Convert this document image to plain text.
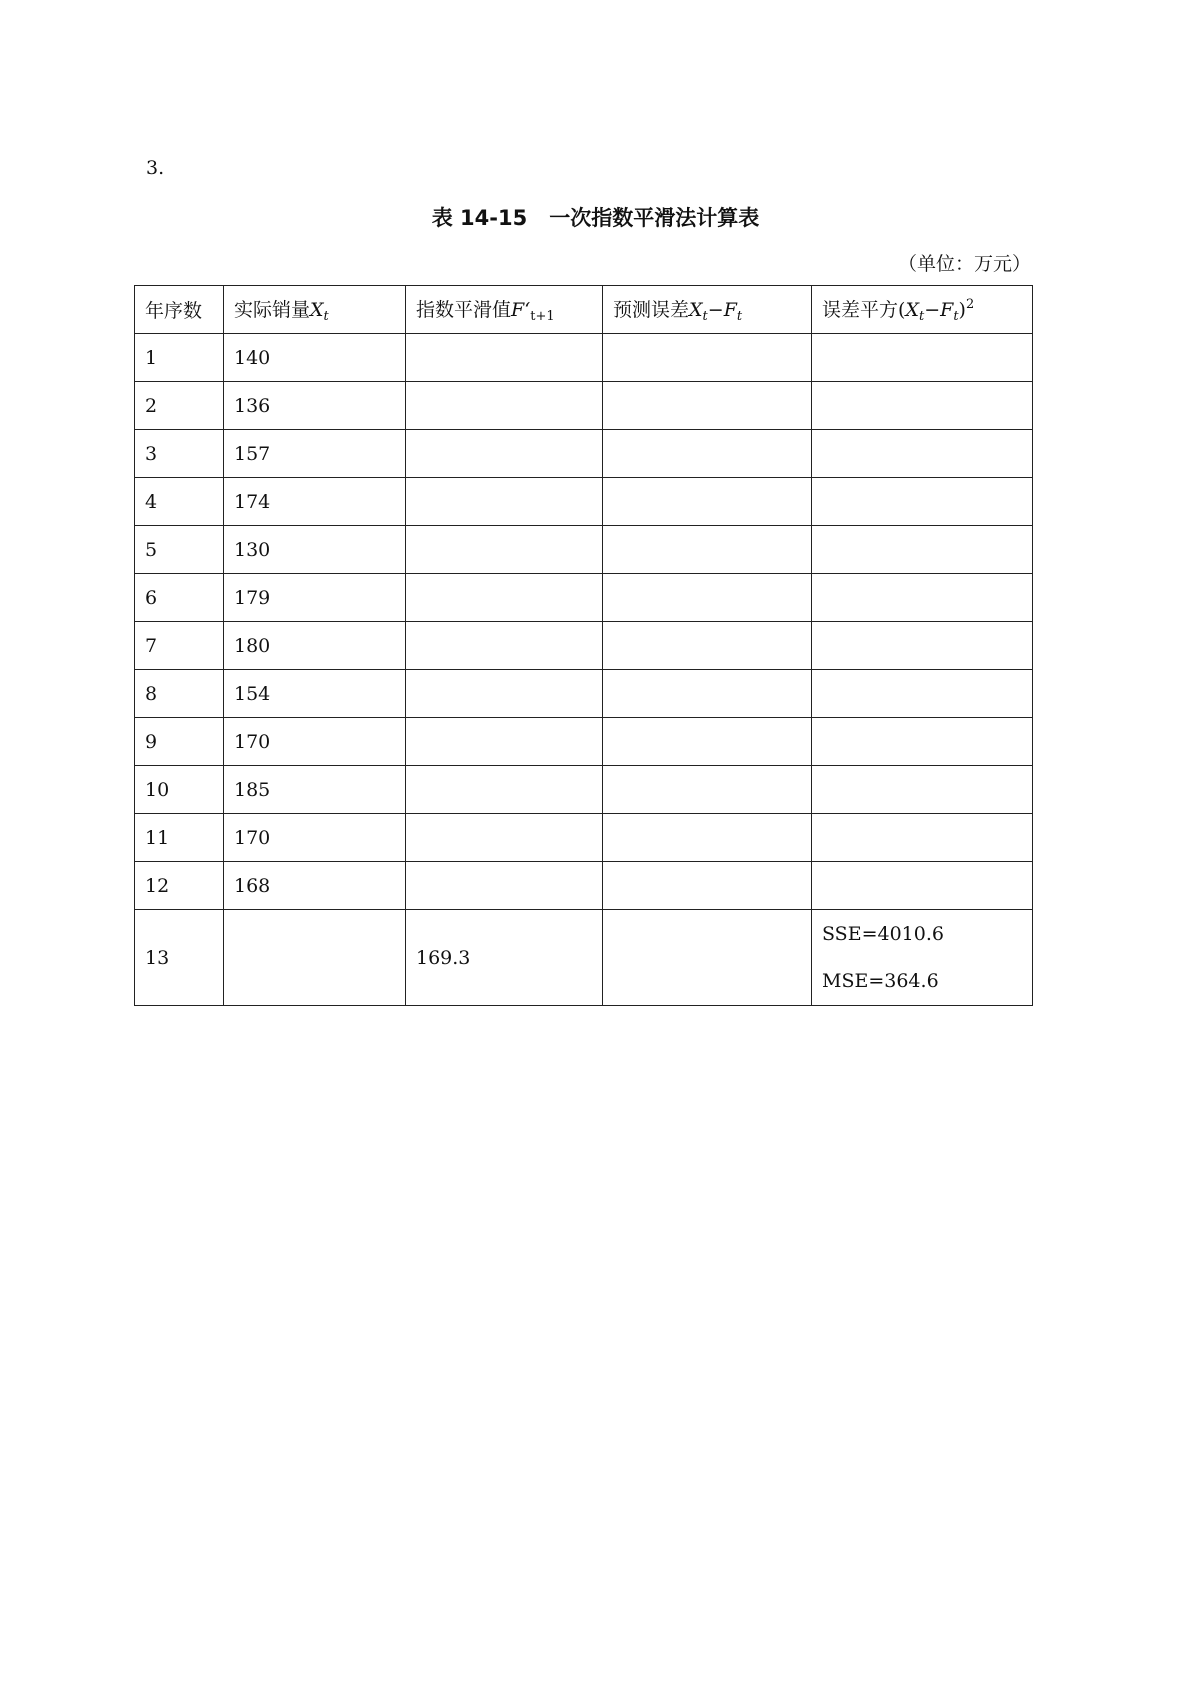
3.
表 14-15 一次指数平滑法计算表
（单位：万元）
年序数	实际销量$X_t$	指数平滑值$F‘_{t+1}$	预测误差$X_t-F_t$	误差平方$(X_t-F_t)^2$
1	140			
2	136			
3	157			
4	174			
5	130			
6	179			
7	180			
8	154			
9	170			
10	185			
11	170			
12	168			
13		169.3		SSE=4010.6
MSE=364.6
